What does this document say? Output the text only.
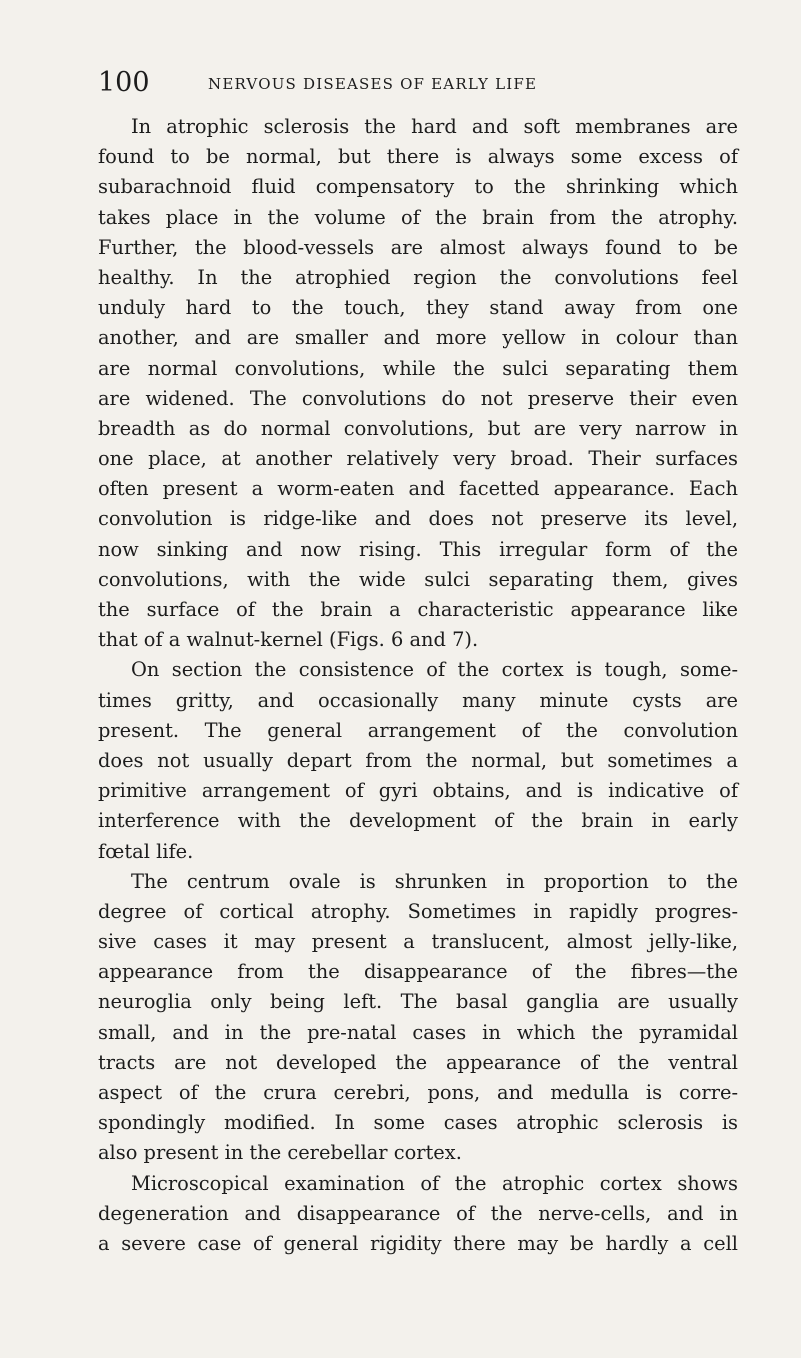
100	NERVOUS DISEASES OF EARLY LIFE
In atrophic sclerosis the hard and soft membranes are
found to be normal, but there is always some excess of
subarachnoid fluid compensatory to the shrinking which
takes place in the volume of the brain from the atrophy.
Further, the blood-vessels are almost always found to be
healthy. In the atrophied region the convolutions feel
unduly hard to the touch, they stand away from one
another, and are smaller and more yellow in colour than
are normal convolutions, while the sulci separating them
are widened. The convolutions do not preserve their even
breadth as do normal convolutions, but are very narrow in
one place, at another relatively very broad. Their surfaces
often present a worm-eaten and facetted appearance. Each
convolution is ridge-like and does not preserve its level,
now sinking and now rising. This irregular form of the
convolutions, with the wide sulci separating them, gives
the surface of the brain a characteristic appearance like
that of a walnut-kernel (Figs. 6 and 7).
On section the consistence of the cortex is tough, some-
times gritty, and occasionally many minute cysts are
present. The general arrangement of the convolution
does not usually depart from the normal, but sometimes a
primitive arrangement of gyri obtains, and is indicative of
interference with the development of the brain in early
fœtal life.
The centrum ovale is shrunken in proportion to the
degree of cortical atrophy. Sometimes in rapidly progres-
sive cases it may present a translucent, almost jelly-like,
appearance from the disappearance of the fibres—the
neuroglia only being left. The basal ganglia are usually
small, and in the pre-natal cases in which the pyramidal
tracts are not developed the appearance of the ventral
aspect of the crura cerebri, pons, and medulla is corre-
spondingly modified. In some cases atrophic sclerosis is
also present in the cerebellar cortex.
Microscopical examination of the atrophic cortex shows
degeneration and disappearance of the nerve-cells, and in
a severe case of general rigidity there may be hardly a cell
